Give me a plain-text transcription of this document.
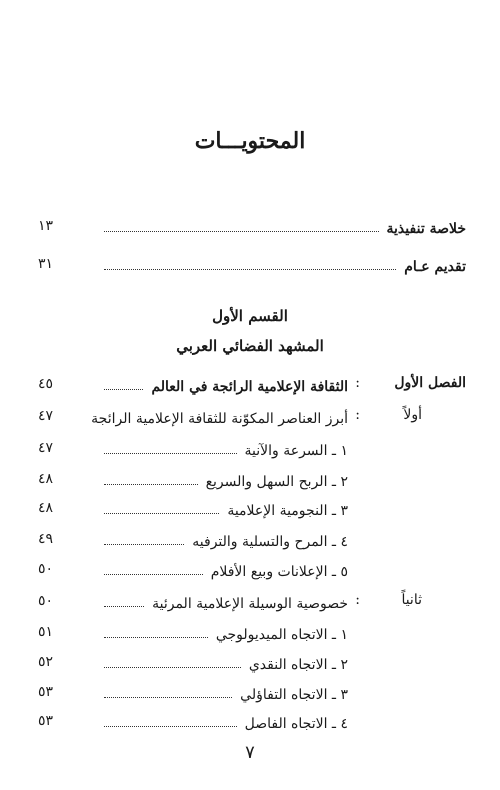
المحتويـــات
خلاصة تنفيذية
١٣
تقديم عـام
٣١
القسم الأول
المشهد الفضائي العربي
الفصل الأول
:
الثقافة الإعلامية الرائجة في العالم
٤٥
أولاً
:
أبرز العناصر المكوّنة للثقافة الإعلامية الرائجة
٤٧
١ ـ السرعة والآنية
٤٧
٢ ـ الربح السهل والسريع
٤٨
٣ ـ النجومية الإعلامية
٤٨
٤ ـ المرح والتسلية والترفيه
٤٩
٥ ـ الإعلانات وبيع الأفلام
٥٠
ثانياً
:
خصوصية الوسيلة الإعلامية المرئية
٥٠
١ ـ الاتجاه الميديولوجي
٥١
٢ ـ الاتجاه النقدي
٥٢
٣ ـ الاتجاه التفاؤلي
٥٣
٤ ـ الاتجاه الفاصل
٥٣
٧
